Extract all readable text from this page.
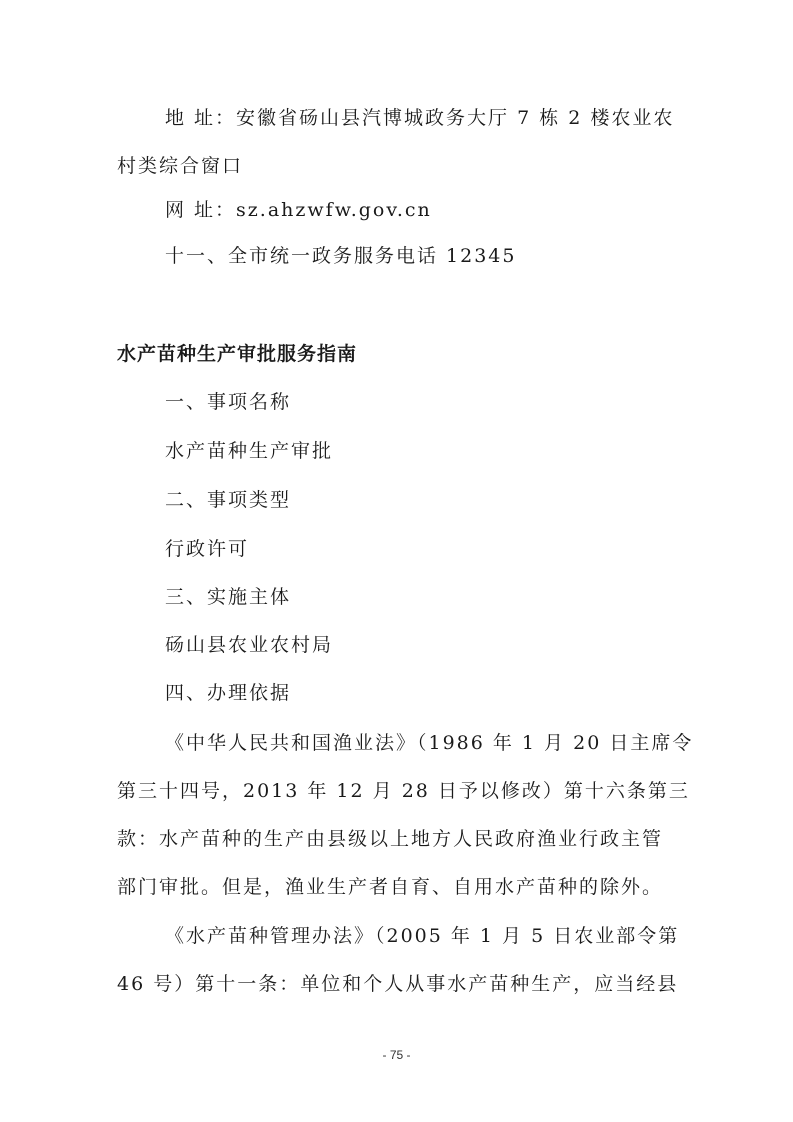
地 址：安徽省砀山县汽博城政务大厅 7 栋 2 楼农业农
村类综合窗口
网 址：sz.ahzwfw.gov.cn
十一、全市统一政务服务电话 12345
水产苗种生产审批服务指南
一、事项名称
水产苗种生产审批
二、事项类型
行政许可
三、实施主体
砀山县农业农村局
四、办理依据
《中华人民共和国渔业法》（1986 年 1 月 20 日主席令
第三十四号，2013 年 12 月 28 日予以修改）第十六条第三
款：水产苗种的生产由县级以上地方人民政府渔业行政主管
部门审批。但是，渔业生产者自育、自用水产苗种的除外。
《水产苗种管理办法》（2005 年 1 月 5 日农业部令第
46 号）第十一条：单位和个人从事水产苗种生产，应当经县
- 75 -
